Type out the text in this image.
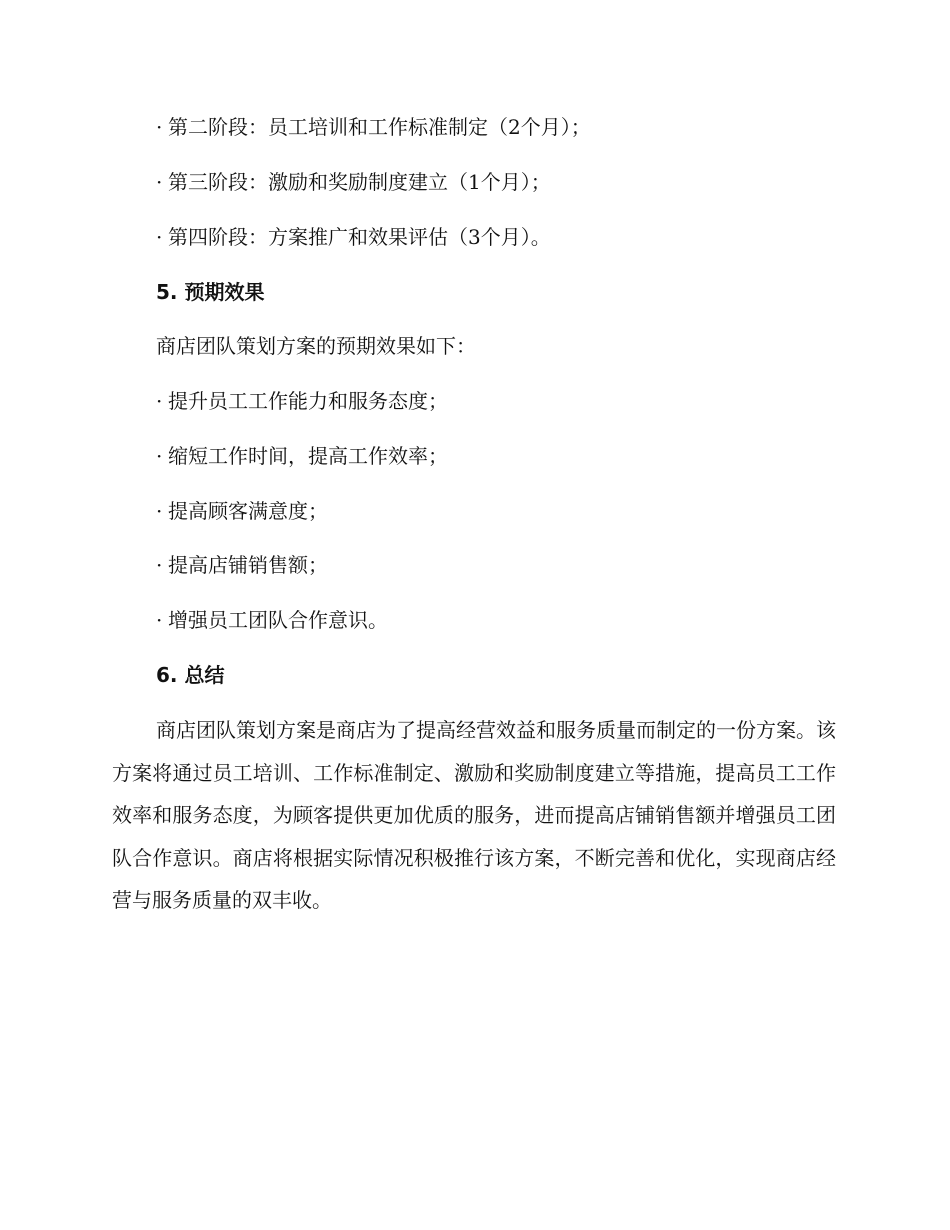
· 第二阶段：员工培训和工作标准制定（2个月）；
· 第三阶段：激励和奖励制度建立（1个月）；
· 第四阶段：方案推广和效果评估（3个月）。
5. 预期效果
商店团队策划方案的预期效果如下：
· 提升员工工作能力和服务态度；
· 缩短工作时间，提高工作效率；
· 提高顾客满意度；
· 提高店铺销售额；
· 增强员工团队合作意识。
6. 总结
商店团队策划方案是商店为了提高经营效益和服务质量而制定的一份方案。该方案将通过员工培训、工作标准制定、激励和奖励制度建立等措施，提高员工工作效率和服务态度，为顾客提供更加优质的服务，进而提高店铺销售额并增强员工团队合作意识。商店将根据实际情况积极推行该方案，不断完善和优化，实现商店经营与服务质量的双丰收。
